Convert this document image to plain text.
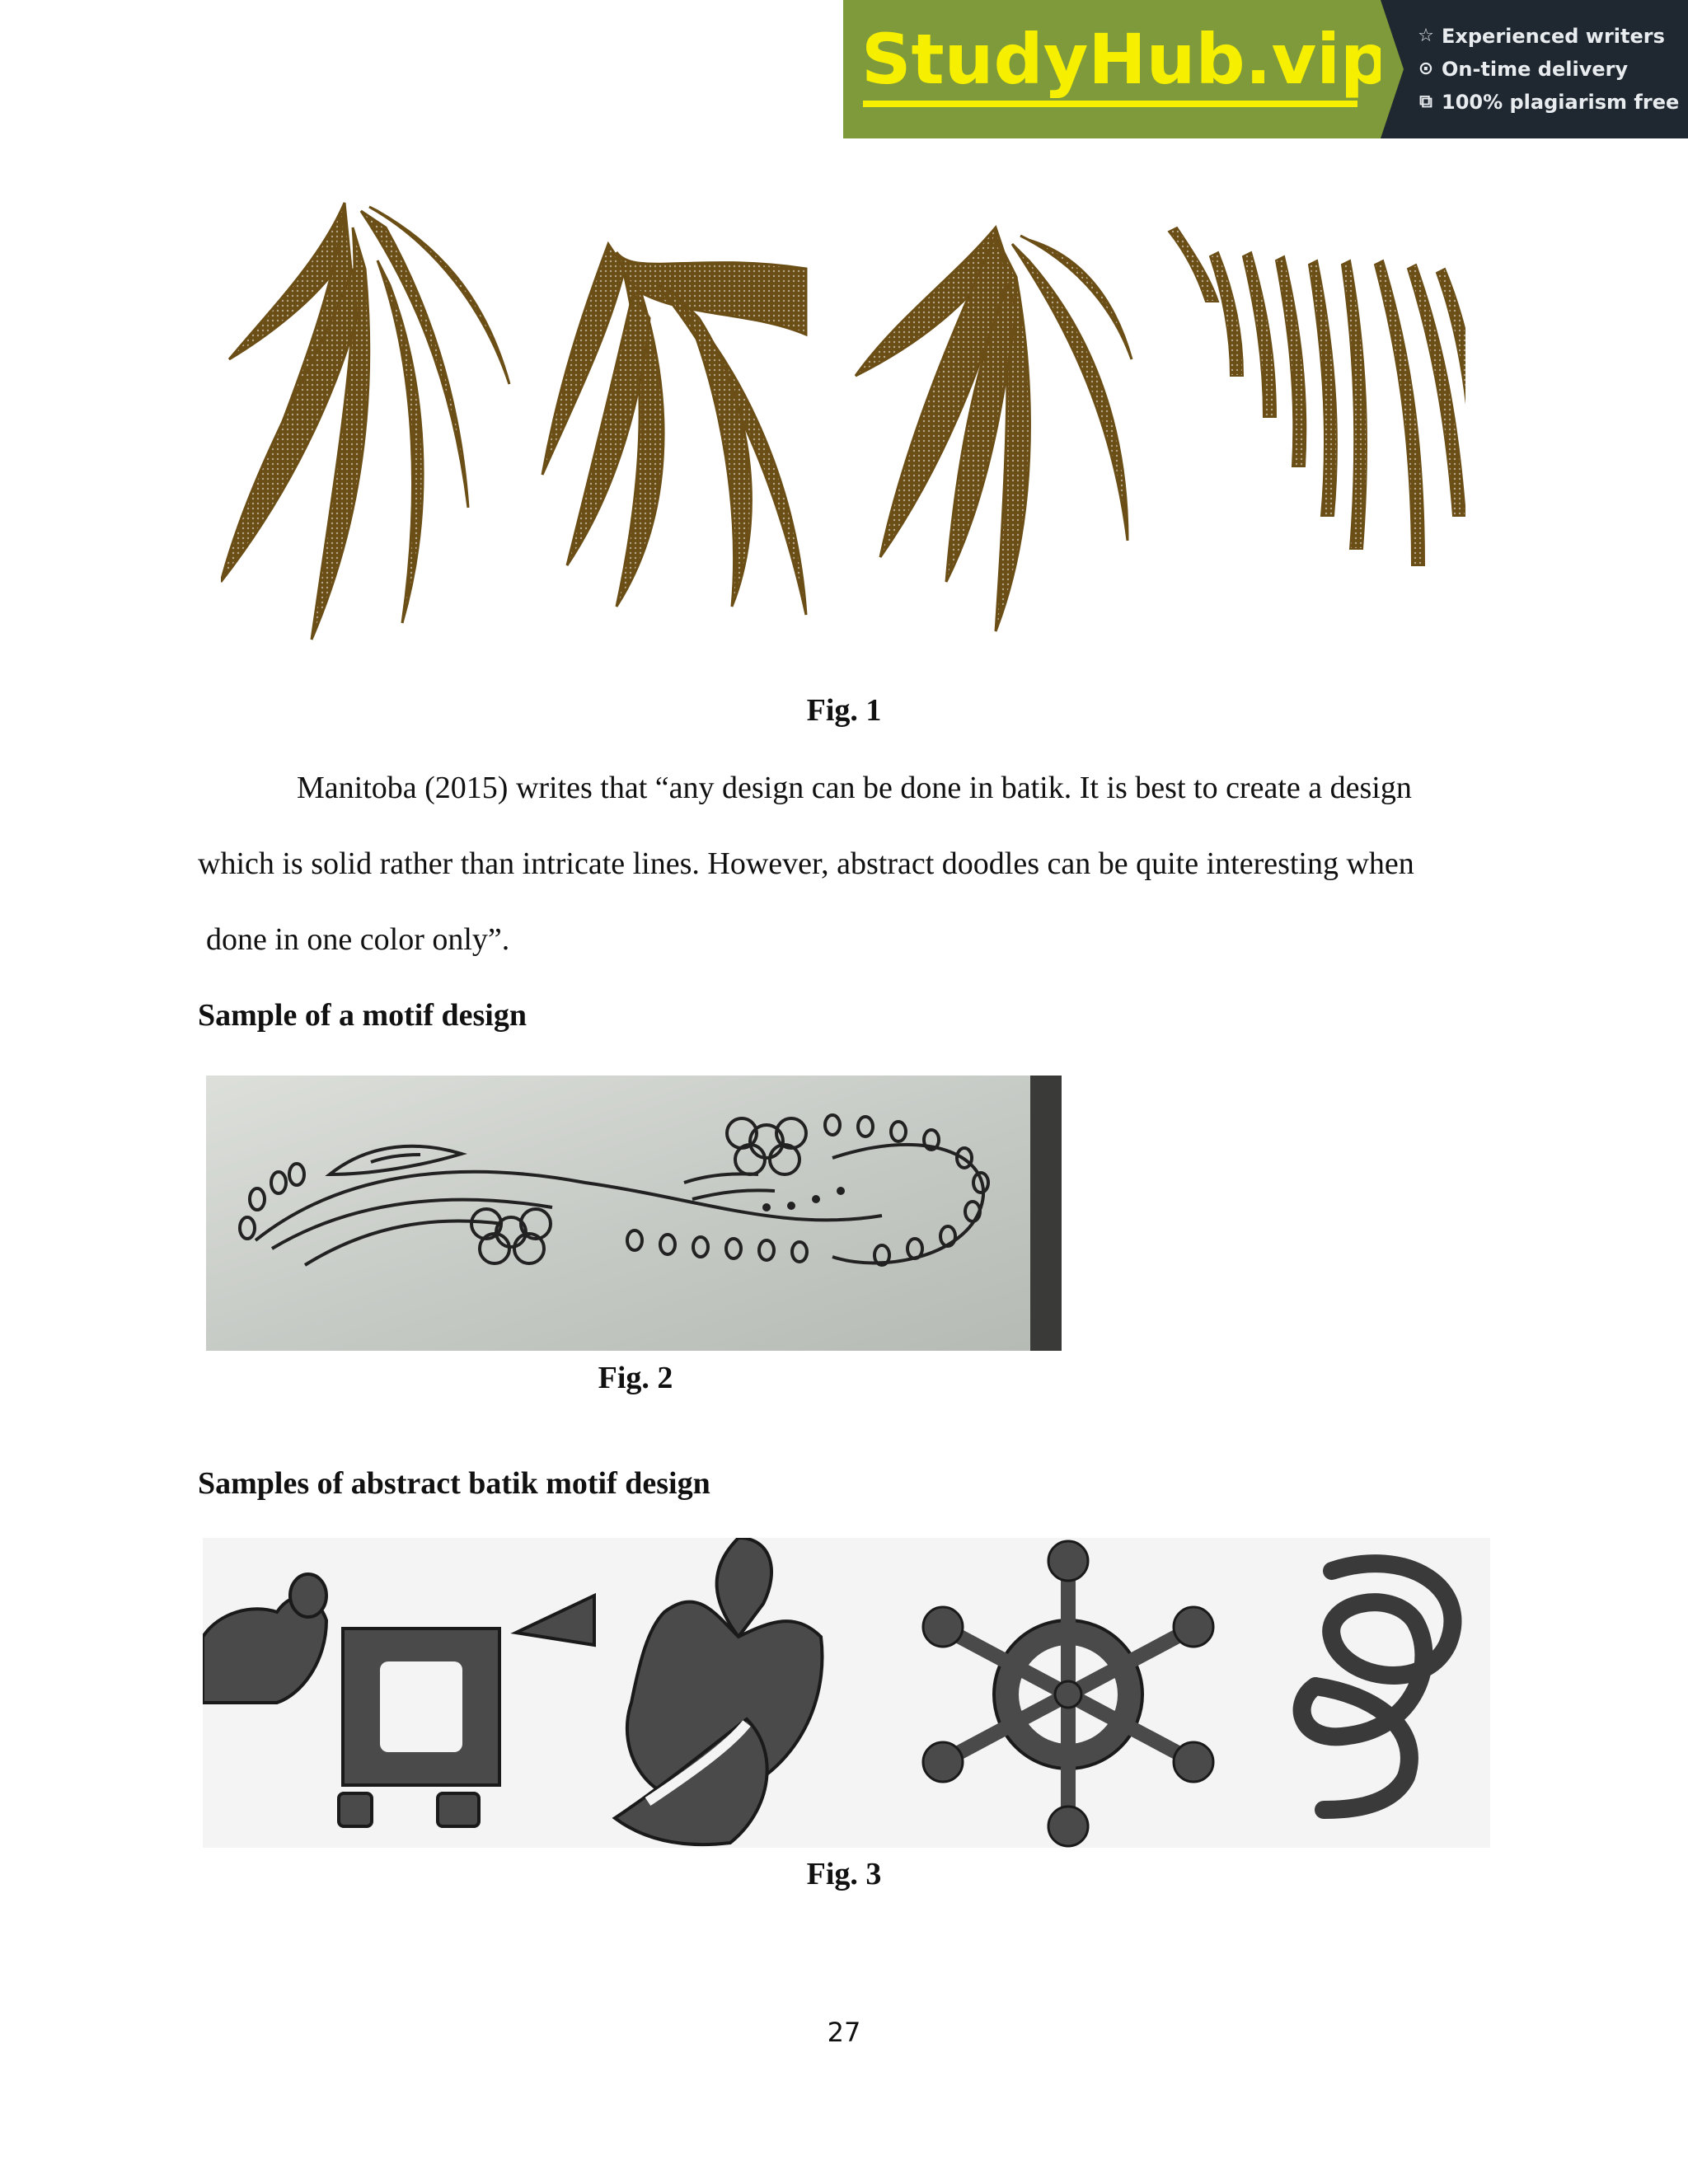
StudyHub.vip ☆ Experienced writers
⊙ On-time delivery
⧉ 100% plagiarism free
Fig. 1
Manitoba (2015) writes that “any design can be done in batik. It is best to create a design
which is solid rather than intricate lines. However, abstract doodles can be quite interesting when
done in one color only”.
Sample of a motif design
Fig. 2
Samples of abstract batik motif design
Fig. 3
27
